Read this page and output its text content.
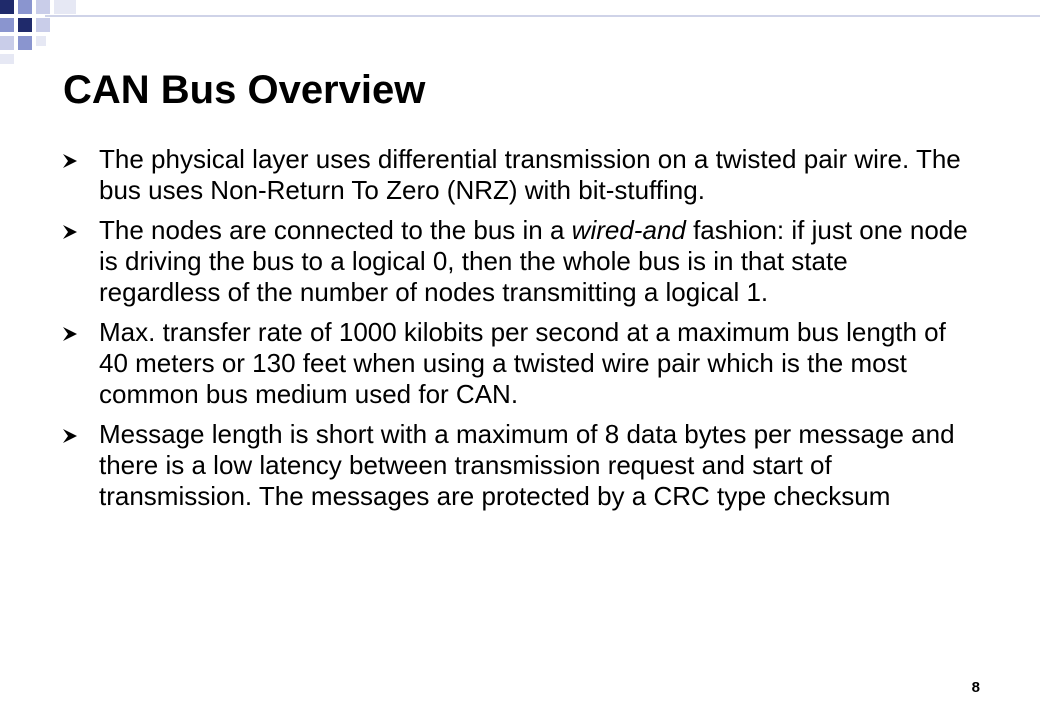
CAN Bus Overview
The physical layer uses differential transmission on a twisted pair wire. The bus uses Non-Return To Zero (NRZ) with bit-stuffing.
The nodes are connected to the bus in a wired-and fashion: if just one node is driving the bus to a logical 0, then the whole bus is in that state regardless of the number of nodes transmitting a logical 1.
Max. transfer rate of 1000 kilobits per second at a maximum bus length of 40 meters or 130 feet when using a twisted wire pair which is the most common bus medium used for CAN.
Message length is short with a maximum of 8 data bytes per message and there is a low latency between transmission request and start of transmission. The messages are protected by a CRC type checksum
8
